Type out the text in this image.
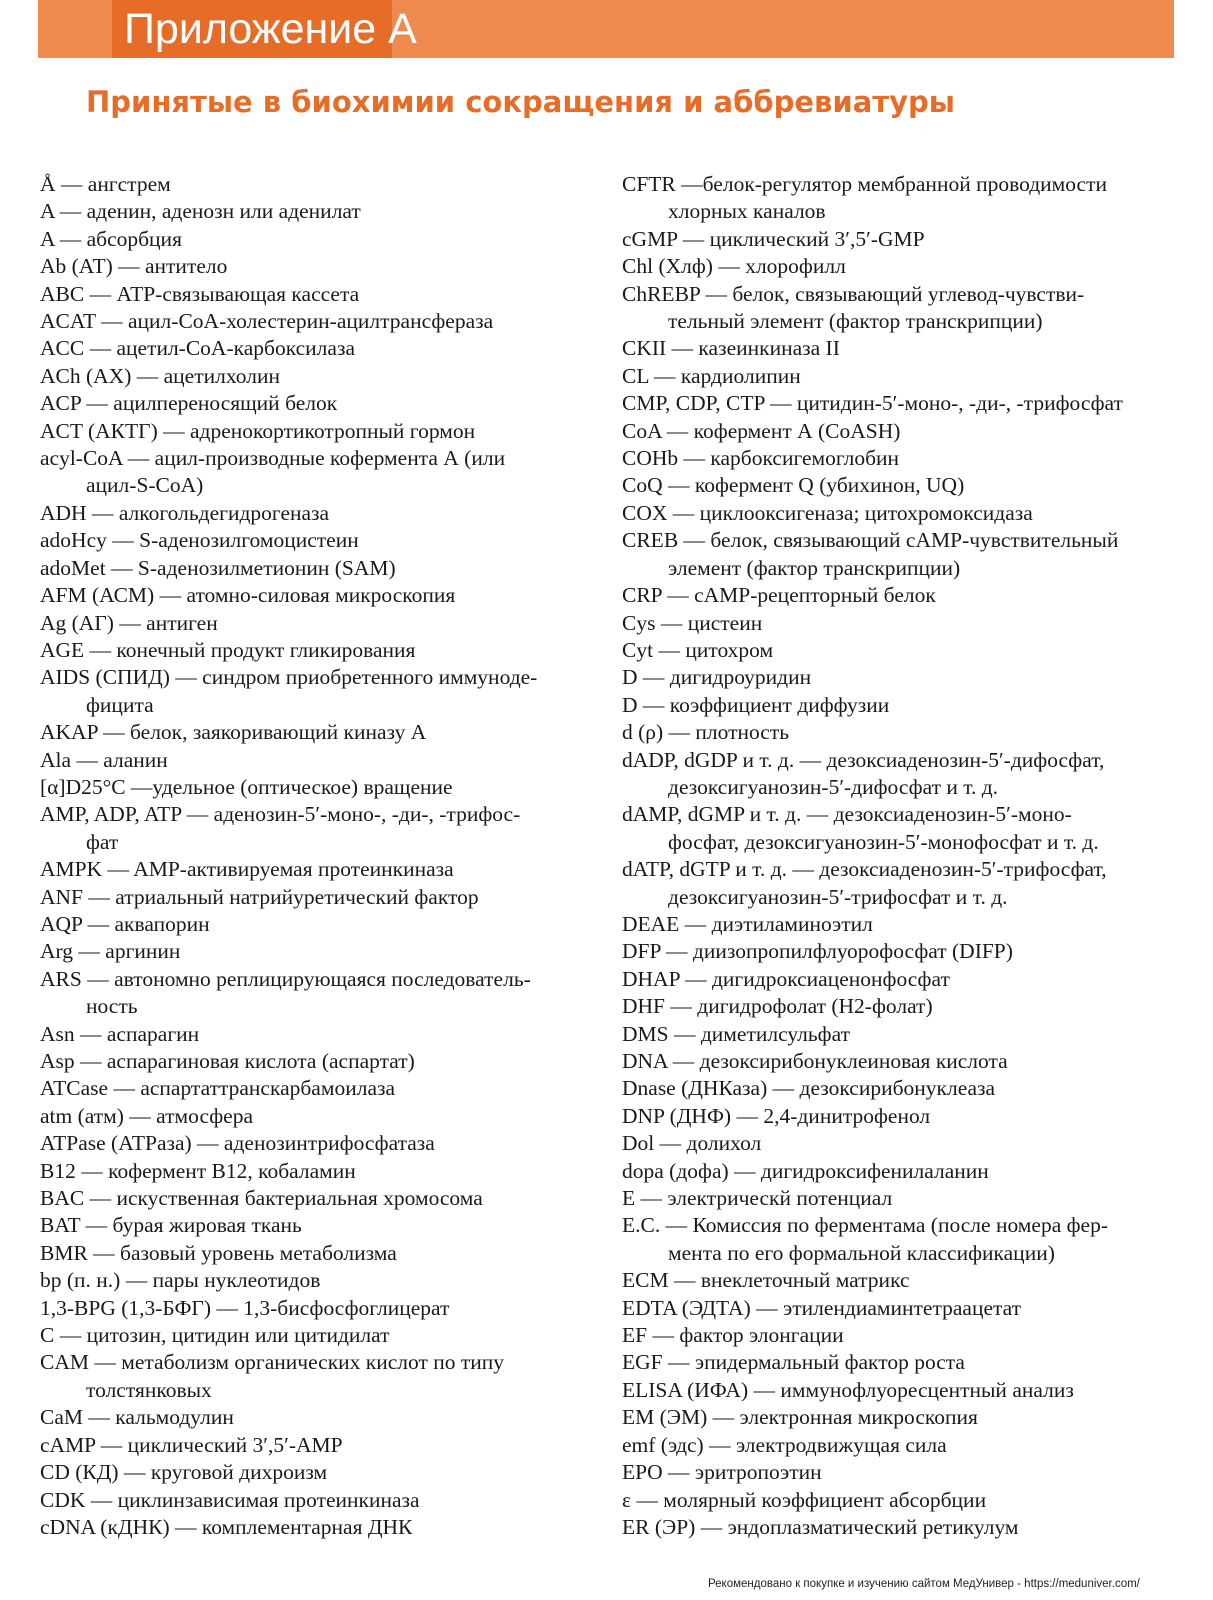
Приложение А
Принятые в биохимии сокращения и аббревиатуры
Å — ангстрем
A — аденин, аденозн или аденилат
A — абсорбция
Ab (АТ) — антитело
ABC — АТР-связывающая кассета
ACAT — ацил-СоА-холестерин-ацилтрансфераза
ACC — ацетил-СоА-карбоксилаза
ACh (АХ) — ацетилхолин
ACP — ацилпереносящий белок
ACT (АКТГ) — адренокортикотропный гормон
acyl-CoA — ацил-производные кофермента А (или
ацил-S-CoA)
ADH — алкогольдегидрогеназа
adoHcy — S-аденозилгомоцистеин
adoMet — S-аденозилметионин (SAM)
AFM (АСМ) — атомно-силовая микроскопия
Ag (АГ) — антиген
AGE — конечный продукт гликирования
AIDS (СПИД) — синдром приобретенного иммуноде-
фицита
AKAP — белок, заякоривающий киназу А
Ala — аланин
[α]D25°C —удельное (оптическое) вращение
AMP, ADP, ATP — аденозин-5′-моно-, -ди-, -трифос-
фат
AMPK — AMP-активируемая протеинкиназа
ANF — атриальный натрийуретический фактор
AQP — аквапорин
Arg — аргинин
ARS — автономно реплицирующаяся последователь-
ность
Asn — аспарагин
Asp — аспарагиновая кислота (аспартат)
ATCase — аспартаттранскарбамоилаза
atm (атм) — атмосфера
ATPase (АТРаза) — аденозинтрифосфатаза
B12 — кофермент B12, кобаламин
BAC — искуственная бактериальная хромосома
BAT — бурая жировая ткань
BMR — базовый уровень метаболизма
bp (п. н.) — пары нуклеотидов
1,3-BPG (1,3-БФГ) — 1,3-бисфосфоглицерат
C — цитозин, цитидин или цитидилат
CAM — метаболизм органических кислот по типу
толстянковых
CaM — кальмодулин
cAMP — циклический 3′,5′-AMP
CD (КД) — круговой дихроизм
CDK — циклинзависимая протеинкиназа
cDNA (кДНК) — комплементарная ДНК
CFTR —белок-регулятор мембранной проводимости
хлорных каналов
cGMP — циклический 3′,5′-GMP
Chl (Хлф) — хлорофилл
ChREBP — белок, связывающий углевод-чувстви-
тельный элемент (фактор транскрипции)
CKII — казеинкиназа II
CL — кардиолипин
CMP, CDP, CTP — цитидин-5′-моно-, -ди-, -трифосфат
CoA — кофермент А (CoASH)
COHb — карбоксигемоглобин
CoQ — кофермент Q (убихинон, UQ)
COX — циклооксигеназа; цитохромоксидаза
CREB — белок, связывающий cAMP-чувствительный
элемент (фактор транскрипции)
CRP — cAMP-рецепторный белок
Cys — цистеин
Cyt — цитохром
D — дигидроуридин
D — коэффициент диффузии
d (ρ) — плотность
dADP, dGDP и т. д. — дезоксиаденозин-5′-дифосфат,
дезоксигуанозин-5′-дифосфат и т. д.
dAMP, dGMP и т. д. — дезоксиаденозин-5′-моно-
фосфат, дезоксигуанозин-5′-монофосфат и т. д.
dATP, dGTP и т. д. — дезоксиаденозин-5′-трифосфат,
дезоксигуанозин-5′-трифосфат и т. д.
DEAE — диэтиламиноэтил
DFP — диизопропилфлуорофосфат (DIFP)
DHAP — дигидроксиаценонфосфат
DHF — дигидрофолат (H2-фолат)
DMS — диметилсульфат
DNA — дезоксирибонуклеиновая кислота
Dnase (ДНКаза) — дезоксирибонуклеаза
DNP (ДНФ) — 2,4-динитрофенол
Dol — долихол
dopa (дофа) — дигидроксифенилаланин
E — электрическй потенциал
E.C. — Комиссия по ферментама (после номера фер-
мента по его формальной классификации)
ECM — внеклеточный матрикс
EDTA (ЭДТА) — этилендиаминтетраацетат
EF — фактор элонгации
EGF — эпидермальный фактор роста
ELISA (ИФА) — иммунофлуоресцентный анализ
EM (ЭМ) — электронная микроскопия
emf (эдс) — электродвижущая сила
EPO — эритропоэтин
ε — молярный коэффициент абсорбции
ER (ЭР) — эндоплазматический ретикулум
Рекомендовано к покупке и изучению сайтом МедУнивер - https://meduniver.com/
